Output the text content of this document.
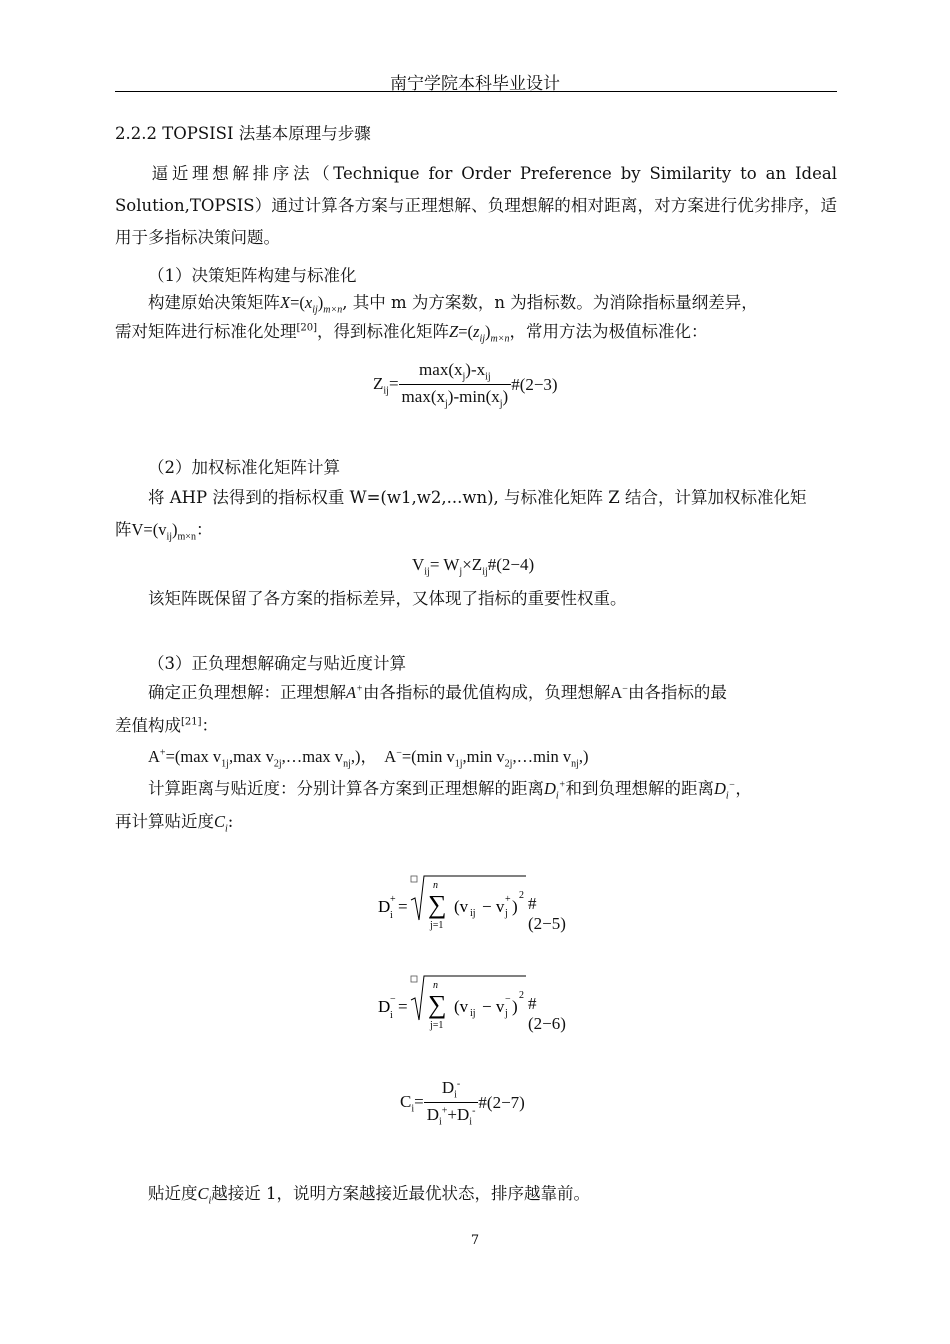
南宁学院本科毕业设计
2.2.2 TOPSISI 法基本原理与步骤
逼近理想解排序法（Technique for Order Preference by Similarity to an Ideal Solution,TOPSIS）通过计算各方案与正理想解、负理想解的相对距离，对方案进行优劣排序，适用于多指标决策问题。
（1）决策矩阵构建与标准化
构建原始决策矩阵$X=(x_{ij})_{m\times n}$, 其中 m 为方案数，n 为指标数。为消除指标量纲差异，
需对矩阵进行标准化处理[20]，得到标准化矩阵$Z=(z_{ij})_{m\times n}$，常用方法为极值标准化：
$Z_{ij}= \frac{\max(x_j)-x_{ij}}{\max(x_j)-\min(x_j)}$ #(2−3)
（2）加权标准化矩阵计算
将 AHP 法得到的指标权重 W=(w1,w2,...wn), 与标准化矩阵 Z 结合，计算加权标准化矩
阵$V=(v_{ij})_{m\times n}$：
$V_{ij}=$ $W_j\times Z_{ij}\#(2-4)$
该矩阵既保留了各方案的指标差异，又体现了指标的重要性权重。
（3）正负理想解确定与贴近度计算
确定正负理想解：正理想解A+由各指标的最优值构成，负理想解A−由各指标的最
差值构成[21]：
A+=(max $v_{1j},\max$ $v_{2j},\dots\max$ $v_{nj}$,)，  A−=(min $v_{1j},\min$ $v_{2j},\dots\min$ $v_{nj}$,)
计算距离与贴近度：分别计算各方案到正理想解的距离$D_i^+$和到负理想解的距离$D_i^-$，
再计算贴近度$C_i$:
D i
+ = ∑
n
j=1
(v ij − v j
+ )
2 #(2−5)
D i
− = ∑
n
j=1
(v ij − v j
− )
2 #(2−6)
$C_i= \frac{D_i^-}{D_i^++D_i^-}$ #(2−7)
贴近度$C_i$越接近 1，说明方案越接近最优状态，排序越靠前。
7
